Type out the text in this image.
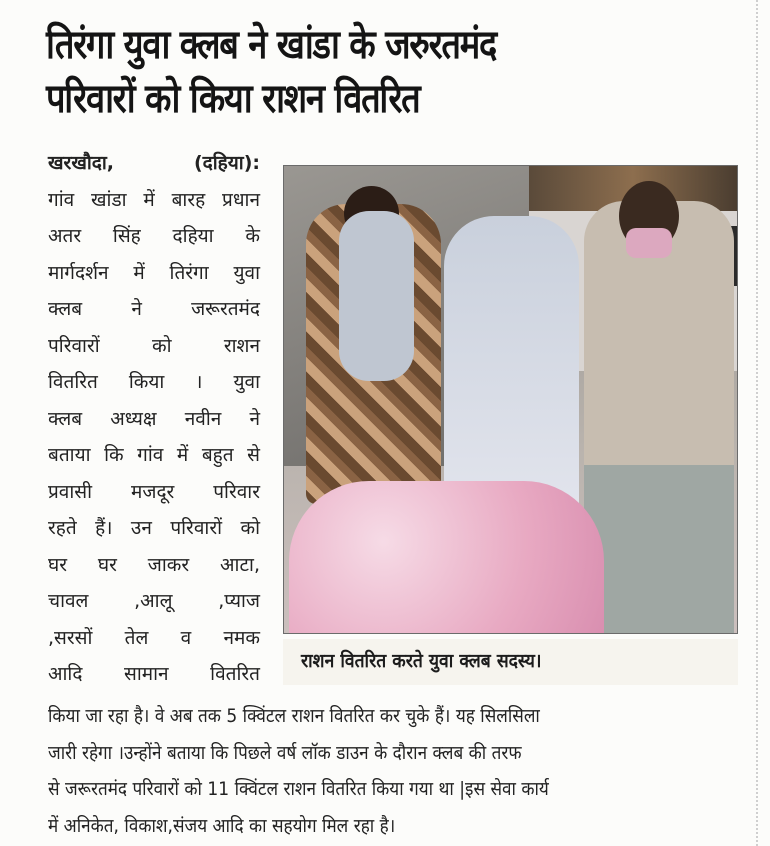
तिरंगा युवा क्लब ने खांडा के जरुरतमंद
परिवारों को किया राशन वितरित
खरखौदा, (दहिया):
गांव खांडा में बारह प्रधान
अतर सिंह दहिया के
मार्गदर्शन में तिरंगा युवा
क्लब ने जरूरतमंद
परिवारों को राशन
वितरित किया । युवा
क्लब अध्यक्ष नवीन ने
बताया कि गांव में बहुत से
प्रवासी मजदूर परिवार
रहते हैं। उन परिवारों को
घर घर जाकर आटा,
चावल ,आलू ,प्याज
,सरसों तेल व नमक
आदि सामान वितरित
राशन वितरित करते युवा क्लब सदस्य।
किया जा रहा है। वे अब तक 5 क्विंटल राशन वितरित कर चुके हैं। यह सिलसिला
जारी रहेगा ।उन्होंने बताया कि पिछले वर्ष लॉक डाउन के दौरान क्लब की तरफ
से जरूरतमंद परिवारों को 11 क्विंटल राशन वितरित किया गया था |इस सेवा कार्य
में अनिकेत, विकाश,संजय आदि का सहयोग मिल रहा है।
